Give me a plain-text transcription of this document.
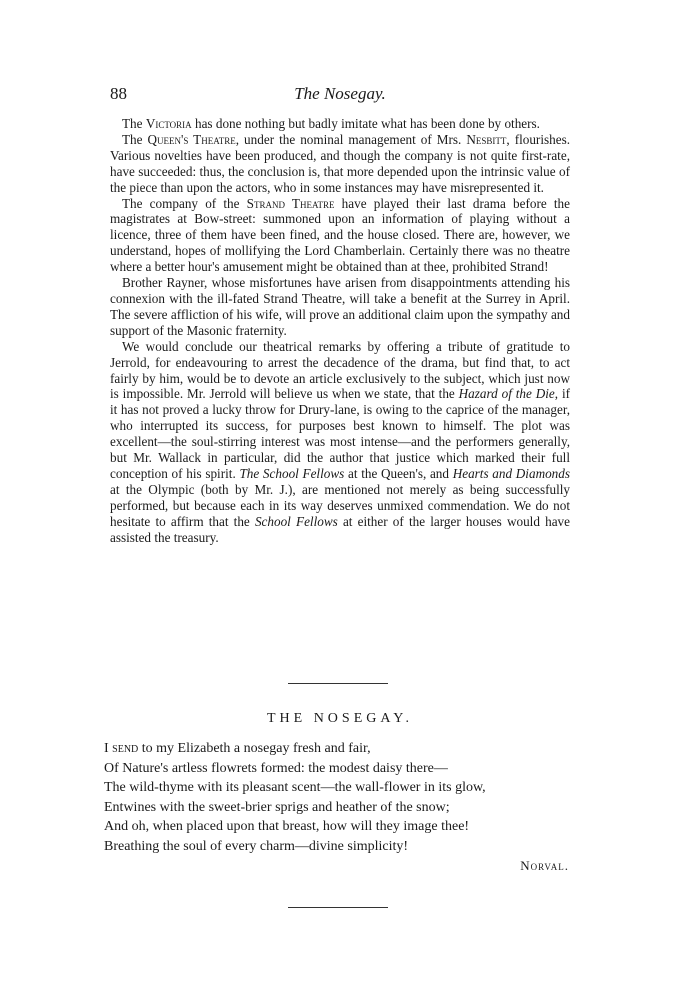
88	The Nosegay.

The Victoria has done nothing but badly imitate what has been done by others.

The Queen's Theatre, under the nominal management of Mrs. Nesbitt, flourishes. Various novelties have been produced, and though the company is not quite first-rate, have succeeded: thus, the conclusion is, that more depended upon the intrinsic value of the piece than upon the actors, who in some instances may have misrepresented it.

The company of the Strand Theatre have played their last drama before the magistrates at Bow-street: summoned upon an information of playing without a licence, three of them have been fined, and the house closed. There are, however, we understand, hopes of mollifying the Lord Chamberlain. Certainly there was no theatre where a better hour's amusement might be obtained than at thee, prohibited Strand!

Brother Rayner, whose misfortunes have arisen from disappointments attending his connexion with the ill-fated Strand Theatre, will take a benefit at the Surrey in April. The severe affliction of his wife, will prove an additional claim upon the sympathy and support of the Masonic fraternity.

We would conclude our theatrical remarks by offering a tribute of gratitude to Jerrold, for endeavouring to arrest the decadence of the drama, but find that, to act fairly by him, would be to devote an article exclusively to the subject, which just now is impossible. Mr. Jerrold will believe us when we state, that the Hazard of the Die, if it has not proved a lucky throw for Drury-lane, is owing to the caprice of the manager, who interrupted its success, for purposes best known to himself. The plot was excellent—the soul-stirring interest was most intense—and the performers generally, but Mr. Wallack in particular, did the author that justice which marked their full conception of his spirit. The School Fellows at the Queen's, and Hearts and Diamonds at the Olympic (both by Mr. J.), are mentioned not merely as being successfully performed, but because each in its way deserves unmixed commendation. We do not hesitate to affirm that the School Fellows at either of the larger houses would have assisted the treasury.

THE NOSEGAY.
I send to my Elizabeth a nosegay fresh and fair,
Of Nature's artless flowrets formed: the modest daisy there—
The wild-thyme with its pleasant scent—the wall-flower in its glow,
Entwines with the sweet-brier sprigs and heather of the snow;
And oh, when placed upon that breast, how will they image thee!
Breathing the soul of every charm—divine simplicity!
Norval.
